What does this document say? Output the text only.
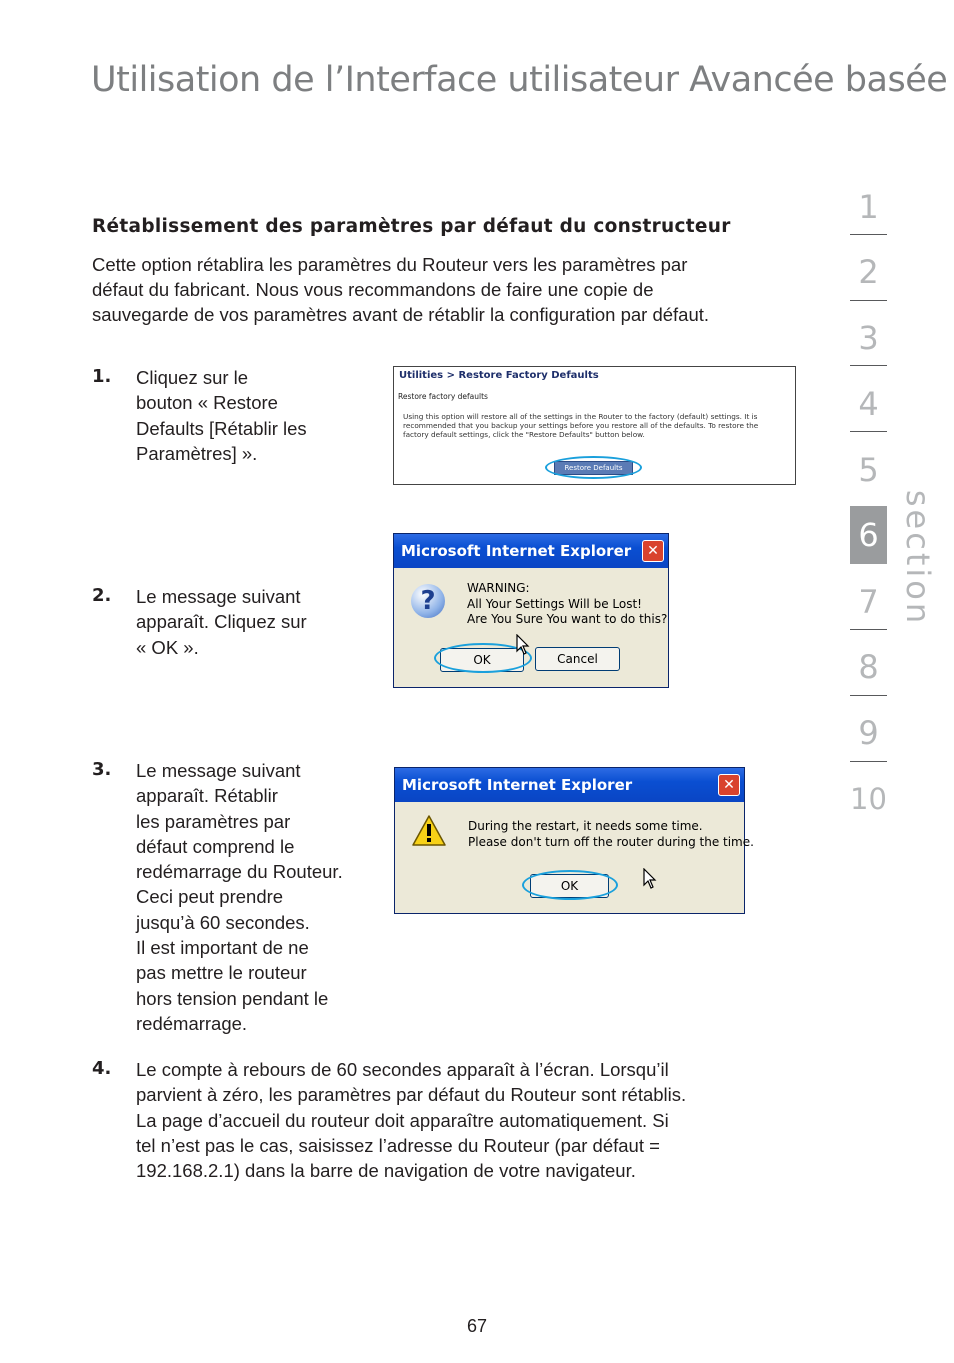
Utilisation de l’Interface utilisateur Avancée basée
Rétablissement des paramètres par défaut du constructeur
Cette option rétablira les paramètres du Routeur vers les paramètres par
défaut du fabricant. Nous vous recommandons de faire une copie de
sauvegarde de vos paramètres avant de rétablir la configuration par défaut.
1. Cliquez sur le
bouton « Restore
Defaults [Rétablir les
Paramètres] ».
2. Le message suivant
apparaît. Cliquez sur
« OK ».
3. Le message suivant
apparaît. Rétablir
les paramètres par
défaut comprend le
redémarrage du Routeur.
Ceci peut prendre
jusqu’à 60 secondes.
Il est important de ne
pas mettre le routeur
hors tension pendant le
redémarrage.
4. Le compte à rebours de 60 secondes apparaît à l’écran. Lorsqu’il
parvient à zéro, les paramètres par défaut du Routeur sont rétablis.
La page d’accueil du routeur doit apparaître automatiquement. Si
tel n’est pas le cas, saisissez l’adresse du Routeur (par défaut =
192.168.2.1) dans la barre de navigation de votre navigateur.
Utilities > Restore Factory Defaults
Restore factory defaults
Using this option will restore all of the settings in the Router to the factory (default) settings. It is
recommended that you backup your settings before you restore all of the defaults. To restore the
factory default settings, click the "Restore Defaults" button below.
Restore Defaults
Microsoft Internet Explorer	✕
?	WARNING:
All Your Settings Will be Lost!
Are You Sure You want to do this?
OK	Cancel
Microsoft Internet Explorer	✕
During the restart, it needs some time.
Please don't turn off the router during the time.
OK
1
2
3
4
5
6
7
8
9
10
section
67
